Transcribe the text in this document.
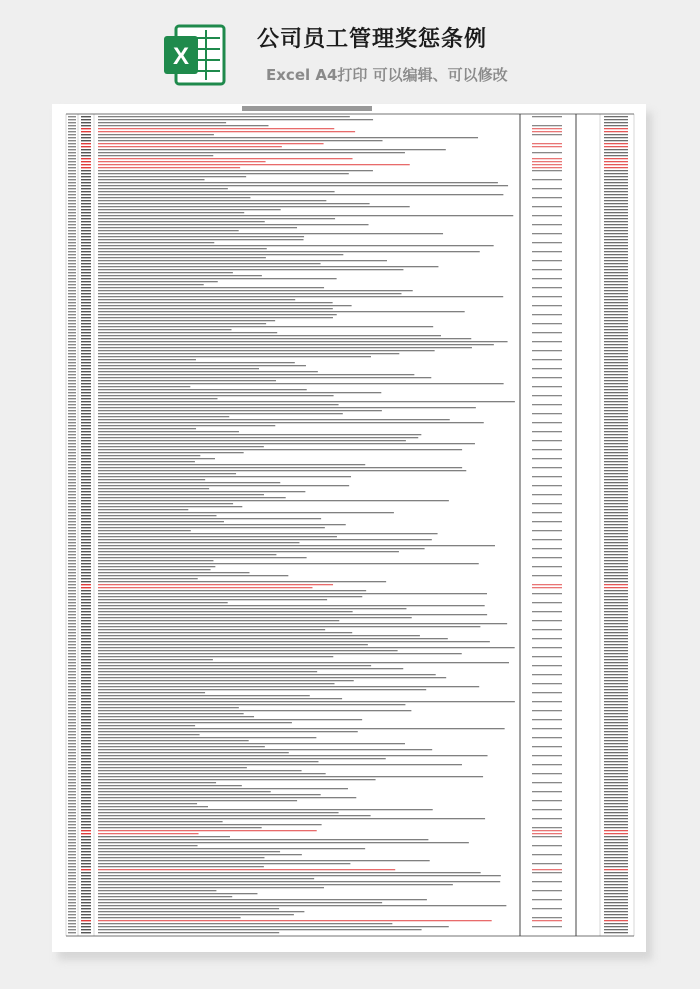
X
公司员工管理奖惩条例
Excel A4打印 可以编辑、可以修改
